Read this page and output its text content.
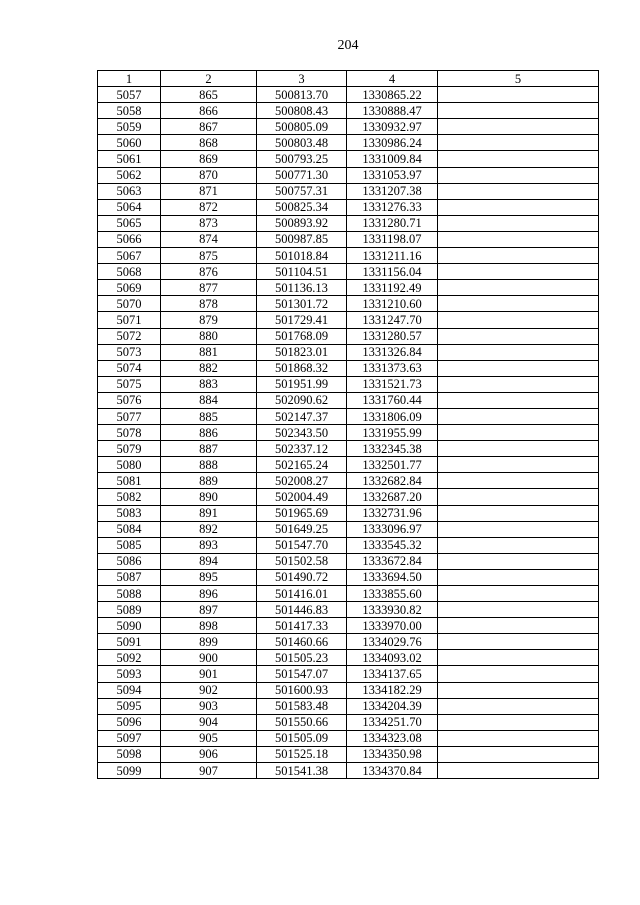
204
1	2	3	4	5
5057	865	500813.70	1330865.22	
5058	866	500808.43	1330888.47	
5059	867	500805.09	1330932.97	
5060	868	500803.48	1330986.24	
5061	869	500793.25	1331009.84	
5062	870	500771.30	1331053.97	
5063	871	500757.31	1331207.38	
5064	872	500825.34	1331276.33	
5065	873	500893.92	1331280.71	
5066	874	500987.85	1331198.07	
5067	875	501018.84	1331211.16	
5068	876	501104.51	1331156.04	
5069	877	501136.13	1331192.49	
5070	878	501301.72	1331210.60	
5071	879	501729.41	1331247.70	
5072	880	501768.09	1331280.57	
5073	881	501823.01	1331326.84	
5074	882	501868.32	1331373.63	
5075	883	501951.99	1331521.73	
5076	884	502090.62	1331760.44	
5077	885	502147.37	1331806.09	
5078	886	502343.50	1331955.99	
5079	887	502337.12	1332345.38	
5080	888	502165.24	1332501.77	
5081	889	502008.27	1332682.84	
5082	890	502004.49	1332687.20	
5083	891	501965.69	1332731.96	
5084	892	501649.25	1333096.97	
5085	893	501547.70	1333545.32	
5086	894	501502.58	1333672.84	
5087	895	501490.72	1333694.50	
5088	896	501416.01	1333855.60	
5089	897	501446.83	1333930.82	
5090	898	501417.33	1333970.00	
5091	899	501460.66	1334029.76	
5092	900	501505.23	1334093.02	
5093	901	501547.07	1334137.65	
5094	902	501600.93	1334182.29	
5095	903	501583.48	1334204.39	
5096	904	501550.66	1334251.70	
5097	905	501505.09	1334323.08	
5098	906	501525.18	1334350.98	
5099	907	501541.38	1334370.84	
